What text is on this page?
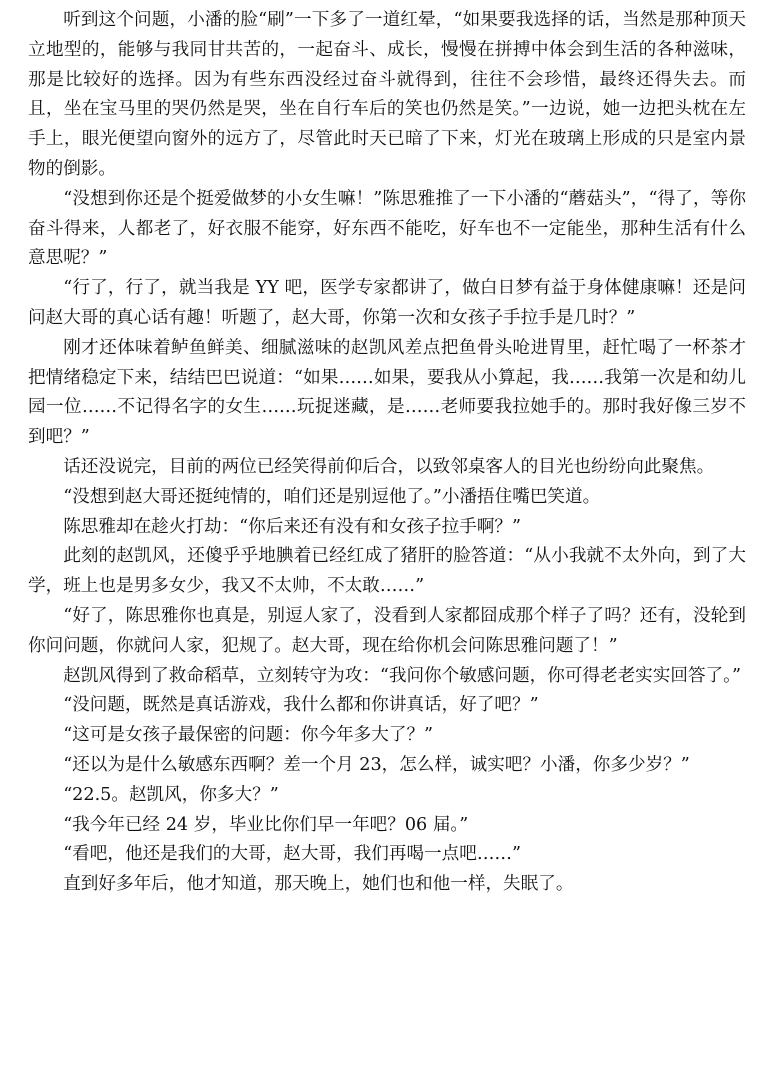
听到这个问题，小潘的脸“刷”一下多了一道红晕，“如果要我选择的话，当然是那种顶天立地型的，能够与我同甘共苦的，一起奋斗、成长，慢慢在拼搏中体会到生活的各种滋味，那是比较好的选择。因为有些东西没经过奋斗就得到，往往不会珍惜，最终还得失去。而且，坐在宝马里的哭仍然是哭，坐在自行车后的笑也仍然是笑。”一边说，她一边把头枕在左手上，眼光便望向窗外的远方了，尽管此时天已暗了下来，灯光在玻璃上形成的只是室内景物的倒影。

“没想到你还是个挺爱做梦的小女生嘛！”陈思雅推了一下小潘的“蘑菇头”，“得了，等你奋斗得来，人都老了，好衣服不能穿，好东西不能吃，好车也不一定能坐，那种生活有什么意思呢？”

“行了，行了，就当我是 YY 吧，医学专家都讲了，做白日梦有益于身体健康嘛！还是问问赵大哥的真心话有趣！听题了，赵大哥，你第一次和女孩子手拉手是几时？”

刚才还体味着鲈鱼鲜美、细腻滋味的赵凯风差点把鱼骨头呛进胃里，赶忙喝了一杯茶才把情绪稳定下来，结结巴巴说道：“如果……如果，要我从小算起，我……我第一次是和幼儿园一位……不记得名字的女生……玩捉迷藏，是……老师要我拉她手的。那时我好像三岁不到吧？”

话还没说完，目前的两位已经笑得前仰后合，以致邻桌客人的目光也纷纷向此聚焦。

“没想到赵大哥还挺纯情的，咱们还是别逗他了。”小潘捂住嘴巴笑道。

陈思雅却在趁火打劫：“你后来还有没有和女孩子拉手啊？”

此刻的赵凯风，还傻乎乎地腆着已经红成了猪肝的脸答道：“从小我就不太外向，到了大学，班上也是男多女少，我又不太帅，不太敢……”

“好了，陈思雅你也真是，别逗人家了，没看到人家都囧成那个样子了吗？还有，没轮到你问问题，你就问人家，犯规了。赵大哥，现在给你机会问陈思雅问题了！”

赵凯风得到了救命稻草，立刻转守为攻：“我问你个敏感问题，你可得老老实实回答了。”

“没问题，既然是真话游戏，我什么都和你讲真话，好了吧？”

“这可是女孩子最保密的问题：你今年多大了？”

“还以为是什么敏感东西啊？差一个月 23，怎么样，诚实吧？小潘，你多少岁？”

“22.5。赵凯风，你多大？”

“我今年已经 24 岁，毕业比你们早一年吧？06 届。”

“看吧，他还是我们的大哥，赵大哥，我们再喝一点吧……”

直到好多年后，他才知道，那天晚上，她们也和他一样，失眠了。
